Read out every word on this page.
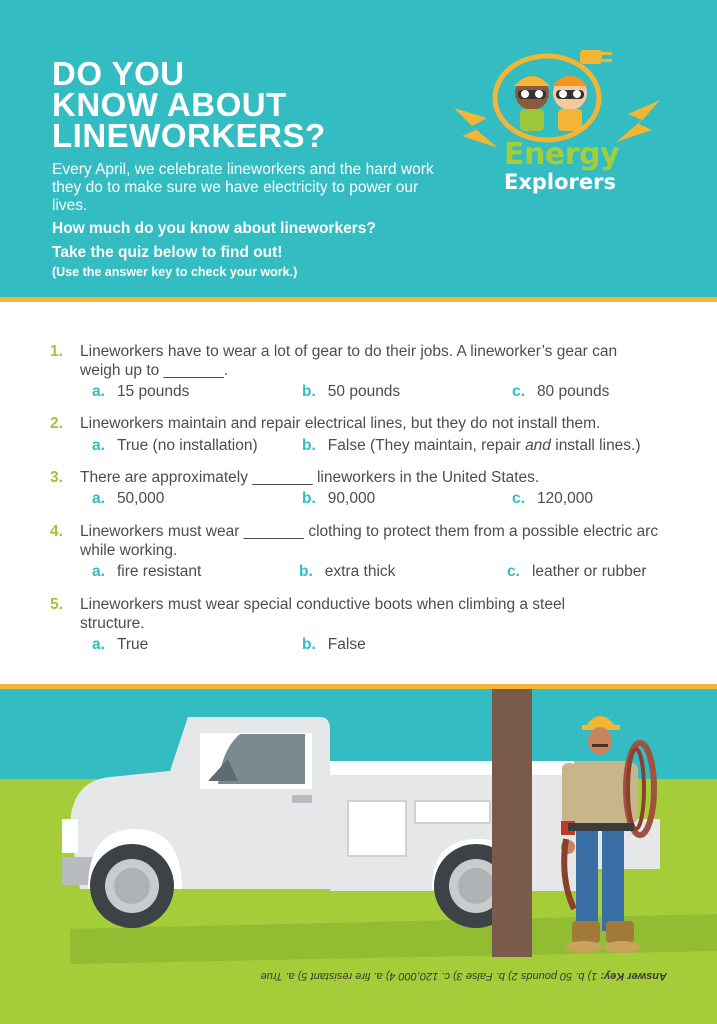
DO YOU
KNOW ABOUT
LINEWORKERS?
Every April, we celebrate lineworkers and the hard work they do to make sure we have electricity to power our lives.
How much do you know about lineworkers?
Take the quiz below to find out!
(Use the answer key to check your work.)
Energy
Explorers
1. Lineworkers have to wear a lot of gear to do their jobs. A lineworker’s gear can weigh up to _______.
a. 15 pounds	b. 50 pounds	c. 80 pounds
2. Lineworkers maintain and repair electrical lines, but they do not install them.
a. True (no installation)	b. False (They maintain, repair and install lines.)
3. There are approximately _______ lineworkers in the United States.
a. 50,000	b. 90,000	c. 120,000
4. Lineworkers must wear _______ clothing to protect them from a possible electric arc while working.
a. fire resistant	b. extra thick	c. leather or rubber
5. Lineworkers must wear special conductive boots when climbing a steel structure.
a. True	b. False
Answer Key: 1) b. 50 pounds 2) b. False 3) c. 120,000 4) a. fire resistant 5) a. True
